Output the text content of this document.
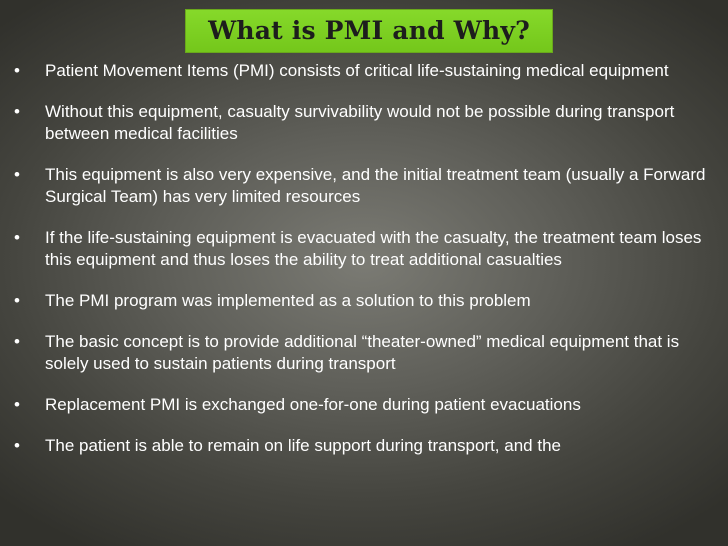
What is PMI and Why?
•	Patient Movement Items (PMI) consists of critical life-sustaining medical equipment
•	Without this equipment, casualty survivability would not be possible during transport between medical facilities
•	This equipment is also very expensive, and the initial treatment team (usually a Forward Surgical Team) has very limited resources
•	If the life-sustaining equipment is evacuated with the casualty, the treatment team loses this equipment and thus loses the ability to treat additional casualties
•	The PMI program was implemented as a solution to this problem
•	The basic concept is to provide additional “theater-owned” medical equipment that is solely used to sustain patients during transport
•	Replacement PMI is exchanged one-for-one during patient evacuations
•	The patient is able to remain on life support during transport, and the
